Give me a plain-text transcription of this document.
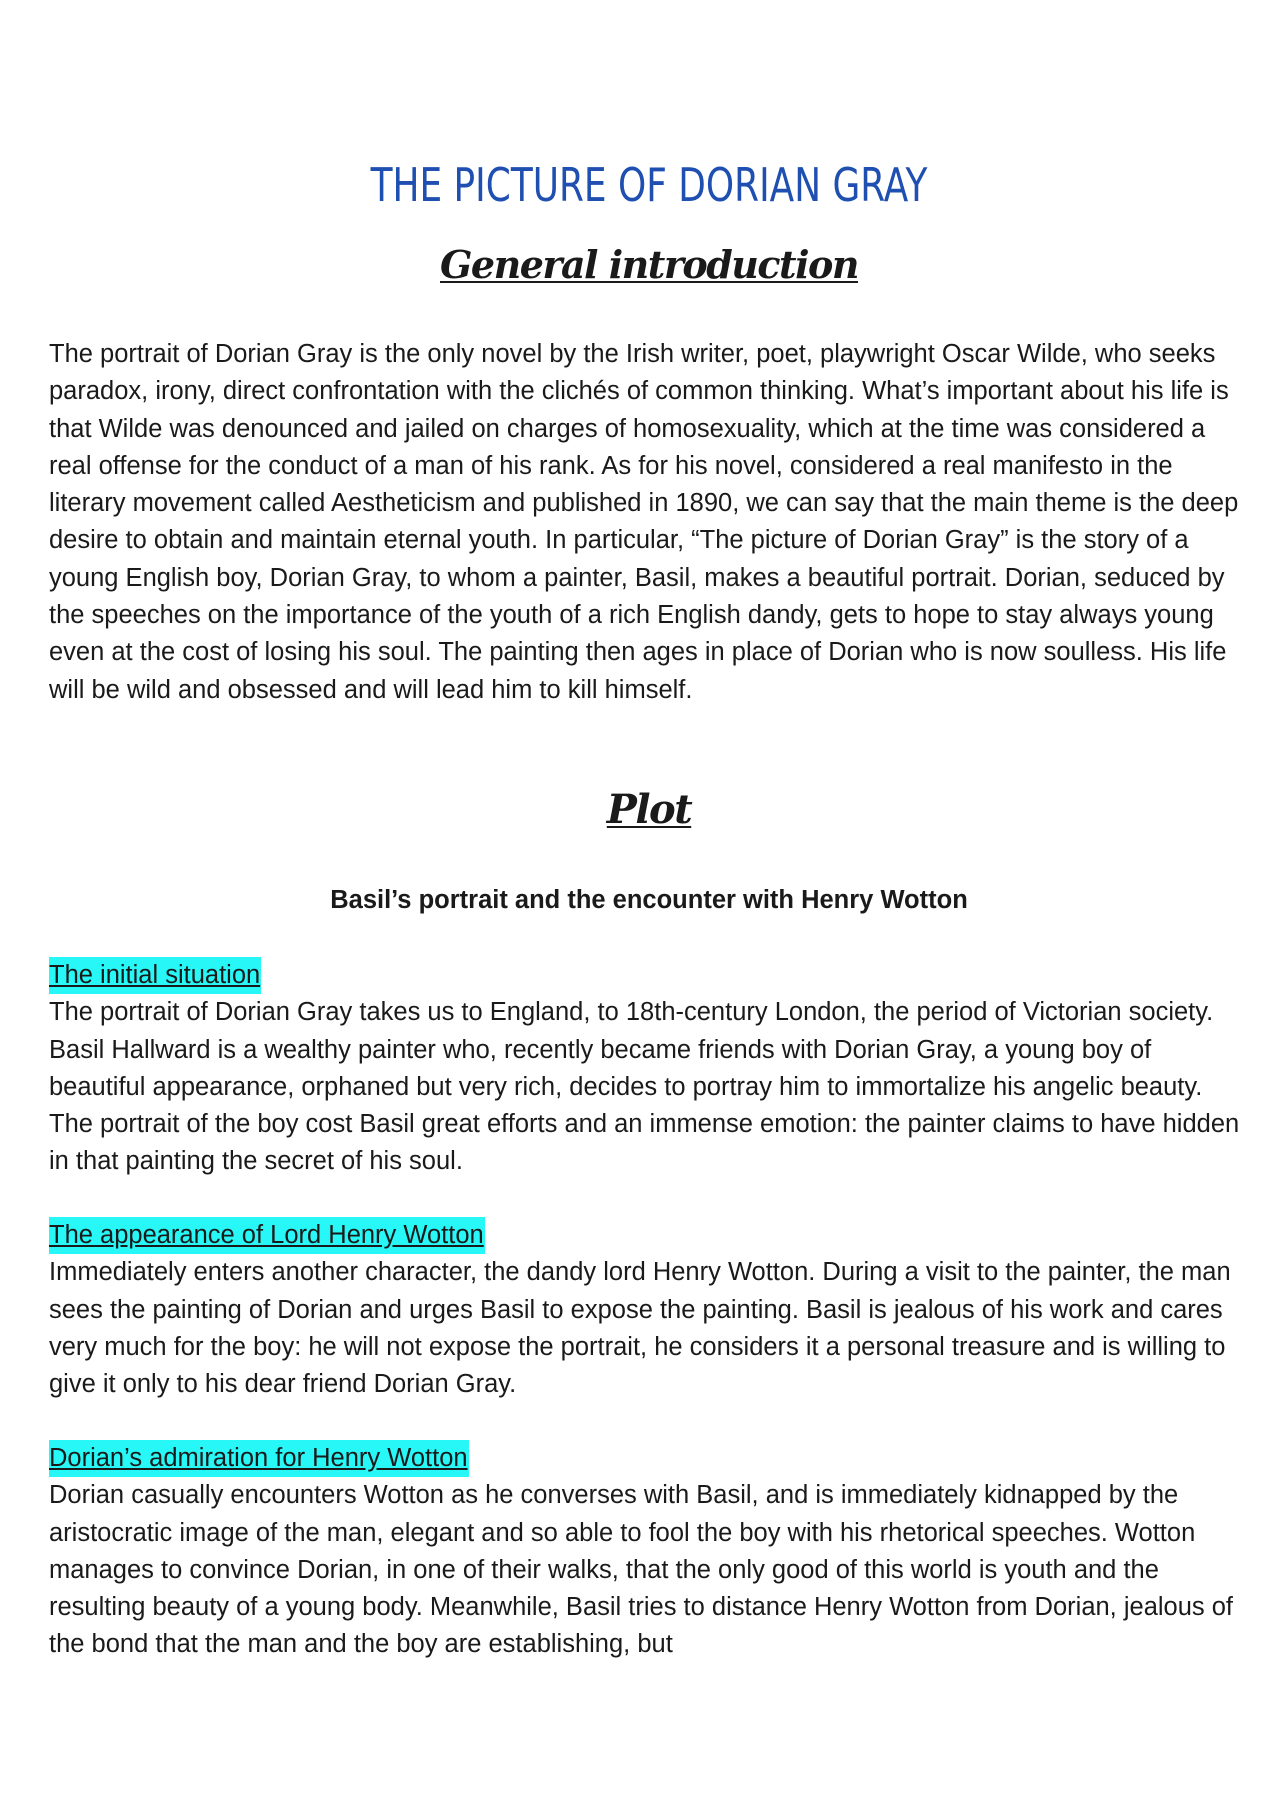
THE PICTURE OF DORIAN GRAY
General introduction

The portrait of Dorian Gray is the only novel by the Irish writer, poet, playwright Oscar Wilde, who seeks paradox, irony, direct confrontation with the clichés of common thinking. What’s important about his life is that Wilde was denounced and jailed on charges of homosexuality, which at the time was considered a real offense for the conduct of a man of his rank. As for his novel, considered a real manifesto in the literary movement called Aestheticism and published in 1890, we can say that the main theme is the deep desire to obtain and maintain eternal youth. In particular, “The picture of Dorian Gray” is the story of a young English boy, Dorian Gray, to whom a painter, Basil, makes a beautiful portrait. Dorian, seduced by the speeches on the importance of the youth of a rich English dandy, gets to hope to stay always young even at the cost of losing his soul. The painting then ages in place of Dorian who is now soulless. His life will be wild and obsessed and will lead him to kill himself.

Plot
Basil’s portrait and the encounter with Henry Wotton
The initial situation

The portrait of Dorian Gray takes us to England, to 18th-century London, the period of Victorian society. Basil Hallward is a wealthy painter who, recently became friends with Dorian Gray, a young boy of beautiful appearance, orphaned but very rich, decides to portray him to immortalize his angelic beauty. The portrait of the boy cost Basil great efforts and an immense emotion: the painter claims to have hidden in that painting the secret of his soul.

The appearance of Lord Henry Wotton

Immediately enters another character, the dandy lord Henry Wotton. During a visit to the painter, the man sees the painting of Dorian and urges Basil to expose the painting. Basil is jealous of his work and cares very much for the boy: he will not expose the portrait, he considers it a personal treasure and is willing to give it only to his dear friend Dorian Gray.

Dorian’s admiration for Henry Wotton

Dorian casually encounters Wotton as he converses with Basil, and is immediately kidnapped by the aristocratic image of the man, elegant and so able to fool the boy with his rhetorical speeches. Wotton manages to convince Dorian, in one of their walks, that the only good of this world is youth and the resulting beauty of a young body. Meanwhile, Basil tries to distance Henry Wotton from Dorian, jealous of the bond that the man and the boy are establishing, but
